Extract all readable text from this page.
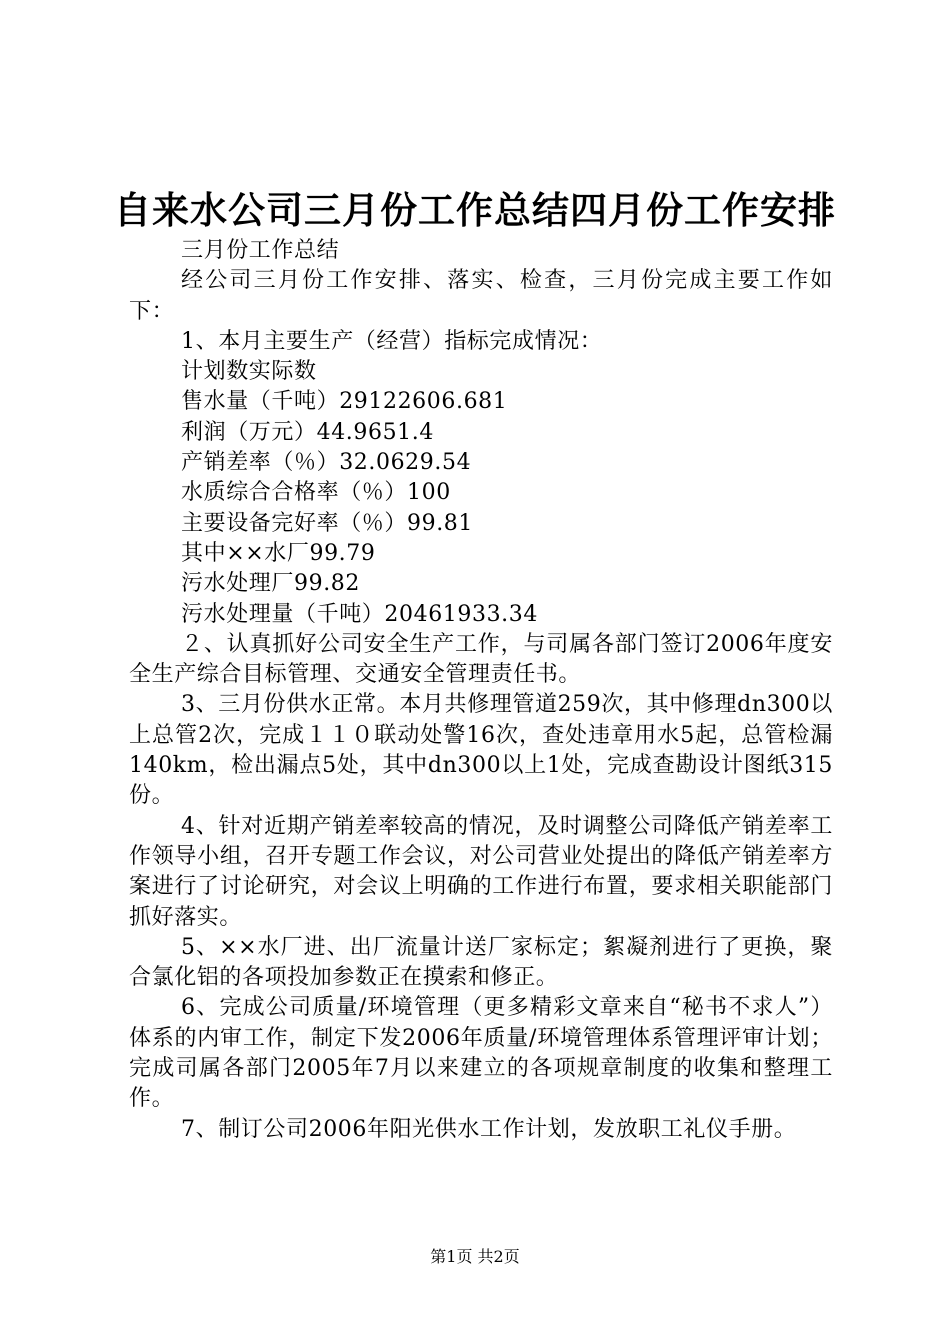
自来水公司三月份工作总结四月份工作安排

三月份工作总结

经公司三月份工作安排、落实、检查，三月份完成主要工作如下：

1、本月主要生产（经营）指标完成情况：

计划数实际数

售水量（千吨）29122606.681

利润（万元）44.9651.4

产销差率（％）32.0629.54

水质综合合格率（％）100

主要设备完好率（％）99.81

其中××水厂99.79

污水处理厂99.82

污水处理量（千吨）20461933.34

２、认真抓好公司安全生产工作，与司属各部门签订2006年度安全生产综合目标管理、交通安全管理责任书。

3、三月份供水正常。本月共修理管道259次，其中修理dn300以上总管2次，完成１１０联动处警16次，查处违章用水5起，总管检漏140km，检出漏点5处，其中dn300以上1处，完成查勘设计图纸315份。

4、针对近期产销差率较高的情况，及时调整公司降低产销差率工作领导小组，召开专题工作会议，对公司营业处提出的降低产销差率方案进行了讨论研究，对会议上明确的工作进行布置，要求相关职能部门抓好落实。

5、××水厂进、出厂流量计送厂家标定；絮凝剂进行了更换，聚合氯化铝的各项投加参数正在摸索和修正。

6、完成公司质量/环境管理（更多精彩文章来自“秘书不求人”）体系的内审工作，制定下发2006年质量/环境管理体系管理评审计划；完成司属各部门2005年7月以来建立的各项规章制度的收集和整理工作。

7、制订公司2006年阳光供水工作计划，发放职工礼仪手册。

第1页 共2页
